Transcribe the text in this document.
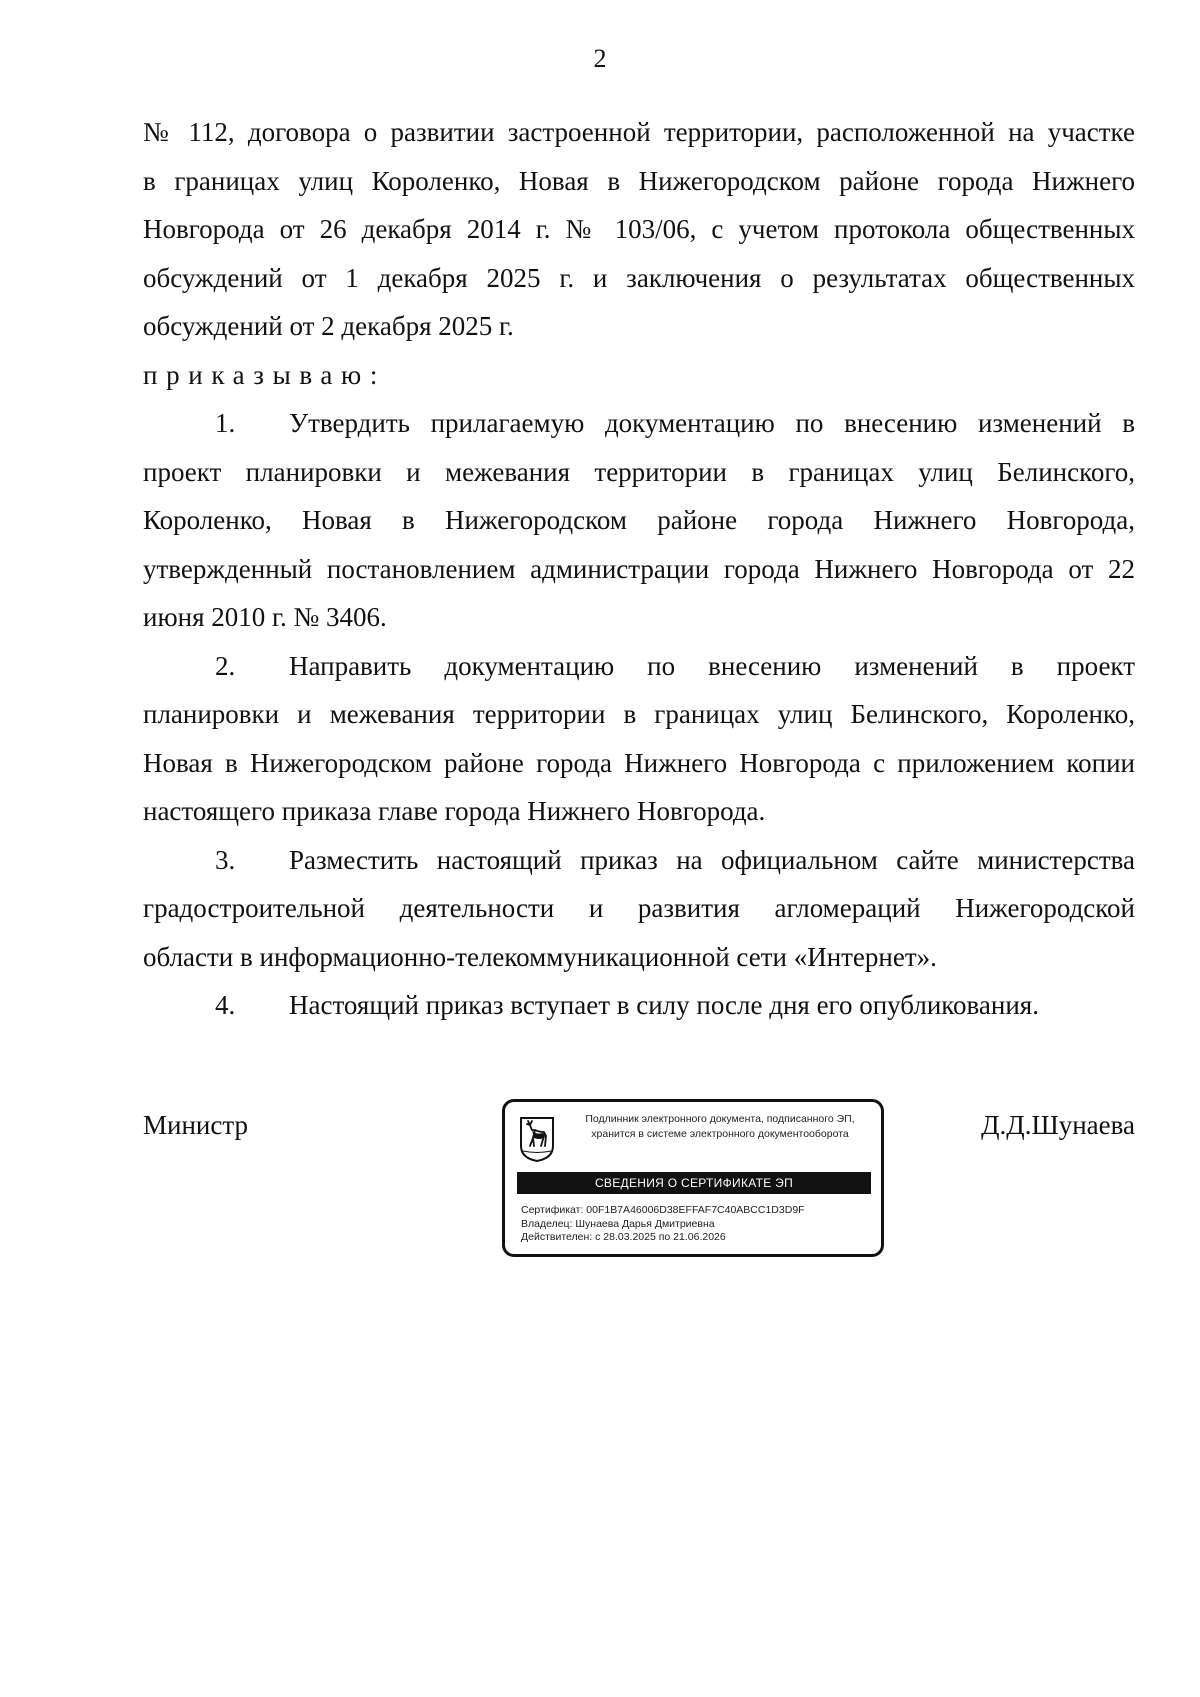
2

№ 112, договора о развитии застроенной территории, расположенной на участке
в границах улиц Короленко, Новая в Нижегородском районе города Нижнего
Новгорода от 26 декабря 2014 г. № 103/06, с учетом протокола общественных
обсуждений от 1 декабря 2025 г. и заключения о результатах общественных
обсуждений от 2 декабря 2025 г.

приказываю:

1.	Утвердить прилагаемую документацию по внесению изменений в
проект планировки и межевания территории в границах улиц Белинского,
Короленко, Новая в Нижегородском районе города Нижнего Новгорода,
утвержденный постановлением администрации города Нижнего Новгорода от 22
июня 2010 г. № 3406.

2.	Направить документацию по внесению изменений в проект
планировки и межевания территории в границах улиц Белинского, Короленко,
Новая в Нижегородском районе города Нижнего Новгорода с приложением копии
настоящего приказа главе города Нижнего Новгорода.

3.	Разместить настоящий приказ на официальном сайте министерства
градостроительной деятельности и развития агломераций Нижегородской
области в информационно-телекоммуникационной сети «Интернет».

4.	Настоящий приказ вступает в силу после дня его опубликования.

Министр	Д.Д.Шунаева
Подлинник электронного документа, подписанного ЭП,
хранится в системе электронного документооборота
СВЕДЕНИЯ О СЕРТИФИКАТЕ ЭП
Сертификат: 00F1B7A46006D38EFFAF7C40ABCC1D3D9F
Владелец: Шунаева Дарья Дмитриевна
Действителен: с 28.03.2025 по 21.06.2026
